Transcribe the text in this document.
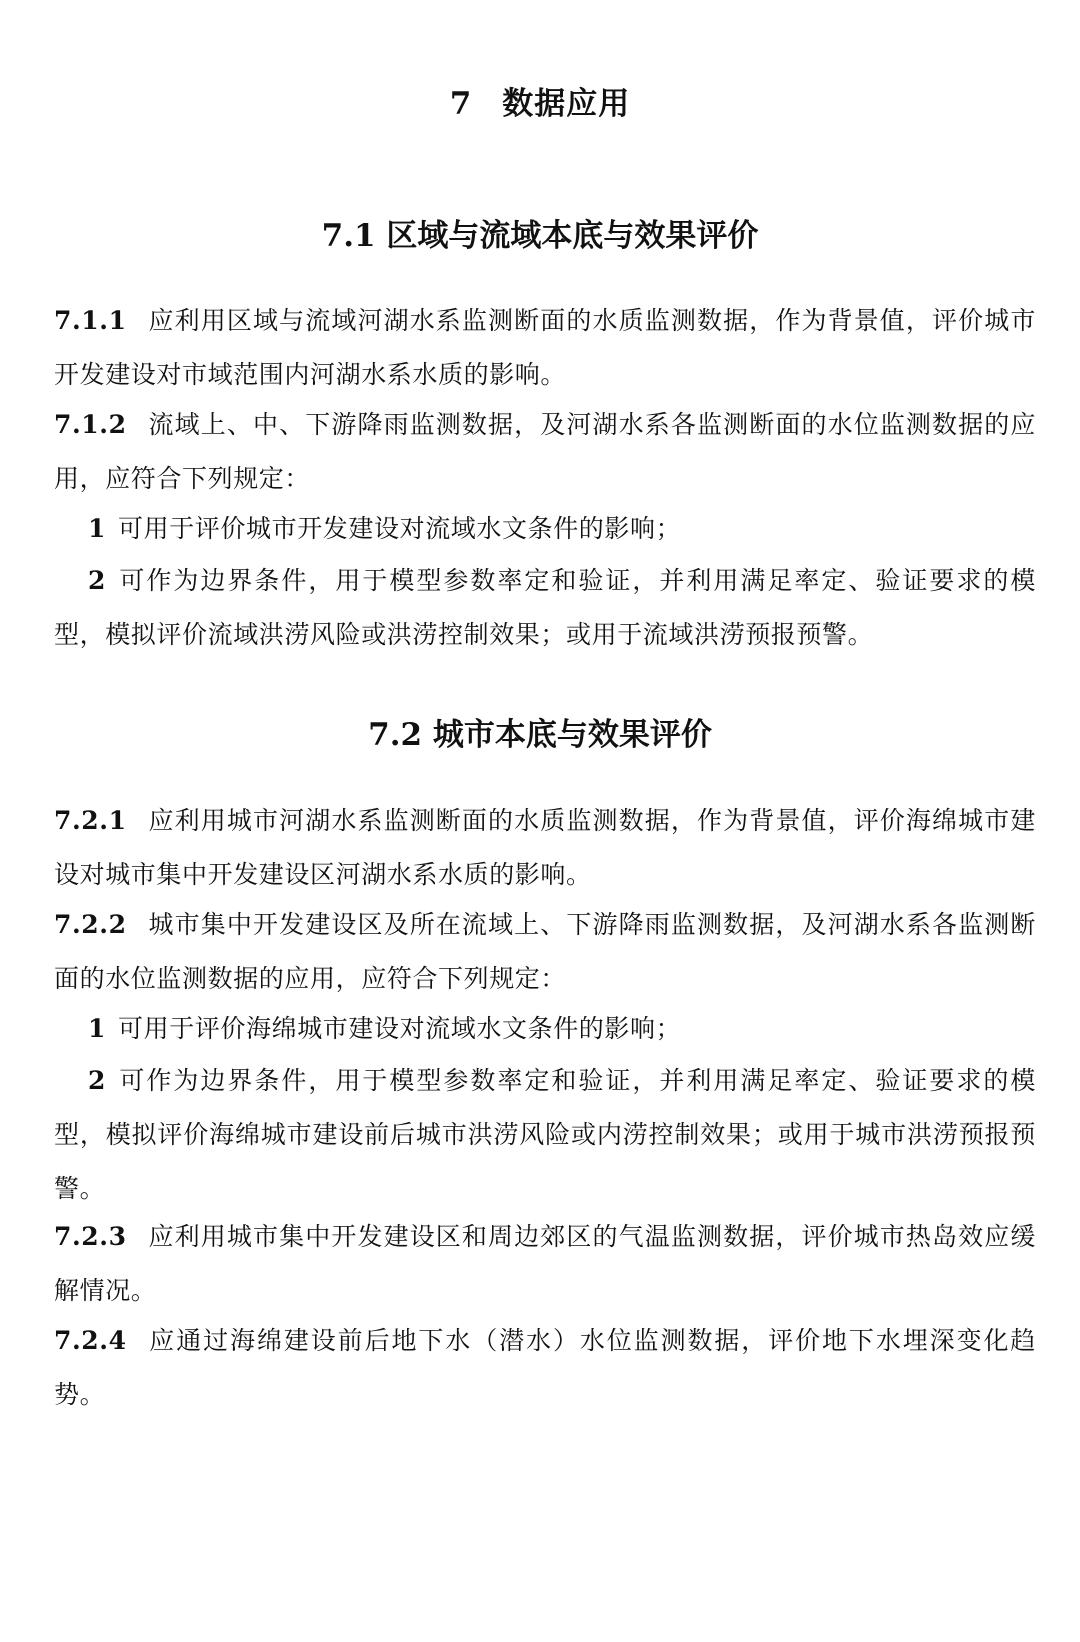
7 数据应用
7.1 区域与流域本底与效果评价
7.1.1 应利用区域与流域河湖水系监测断面的水质监测数据，作为背景值，评价城市开发建设对市域范围内河湖水系水质的影响。
7.1.2 流域上、中、下游降雨监测数据，及河湖水系各监测断面的水位监测数据的应用，应符合下列规定：
1 可用于评价城市开发建设对流域水文条件的影响；
2 可作为边界条件，用于模型参数率定和验证，并利用满足率定、验证要求的模型，模拟评价流域洪涝风险或洪涝控制效果；或用于流域洪涝预报预警。
7.2 城市本底与效果评价
7.2.1 应利用城市河湖水系监测断面的水质监测数据，作为背景值，评价海绵城市建设对城市集中开发建设区河湖水系水质的影响。
7.2.2 城市集中开发建设区及所在流域上、下游降雨监测数据，及河湖水系各监测断面的水位监测数据的应用，应符合下列规定：
1 可用于评价海绵城市建设对流域水文条件的影响；
2 可作为边界条件，用于模型参数率定和验证，并利用满足率定、验证要求的模型，模拟评价海绵城市建设前后城市洪涝风险或内涝控制效果；或用于城市洪涝预报预警。
7.2.3 应利用城市集中开发建设区和周边郊区的气温监测数据，评价城市热岛效应缓解情况。
7.2.4 应通过海绵建设前后地下水（潜水）水位监测数据，评价地下水埋深变化趋势。
